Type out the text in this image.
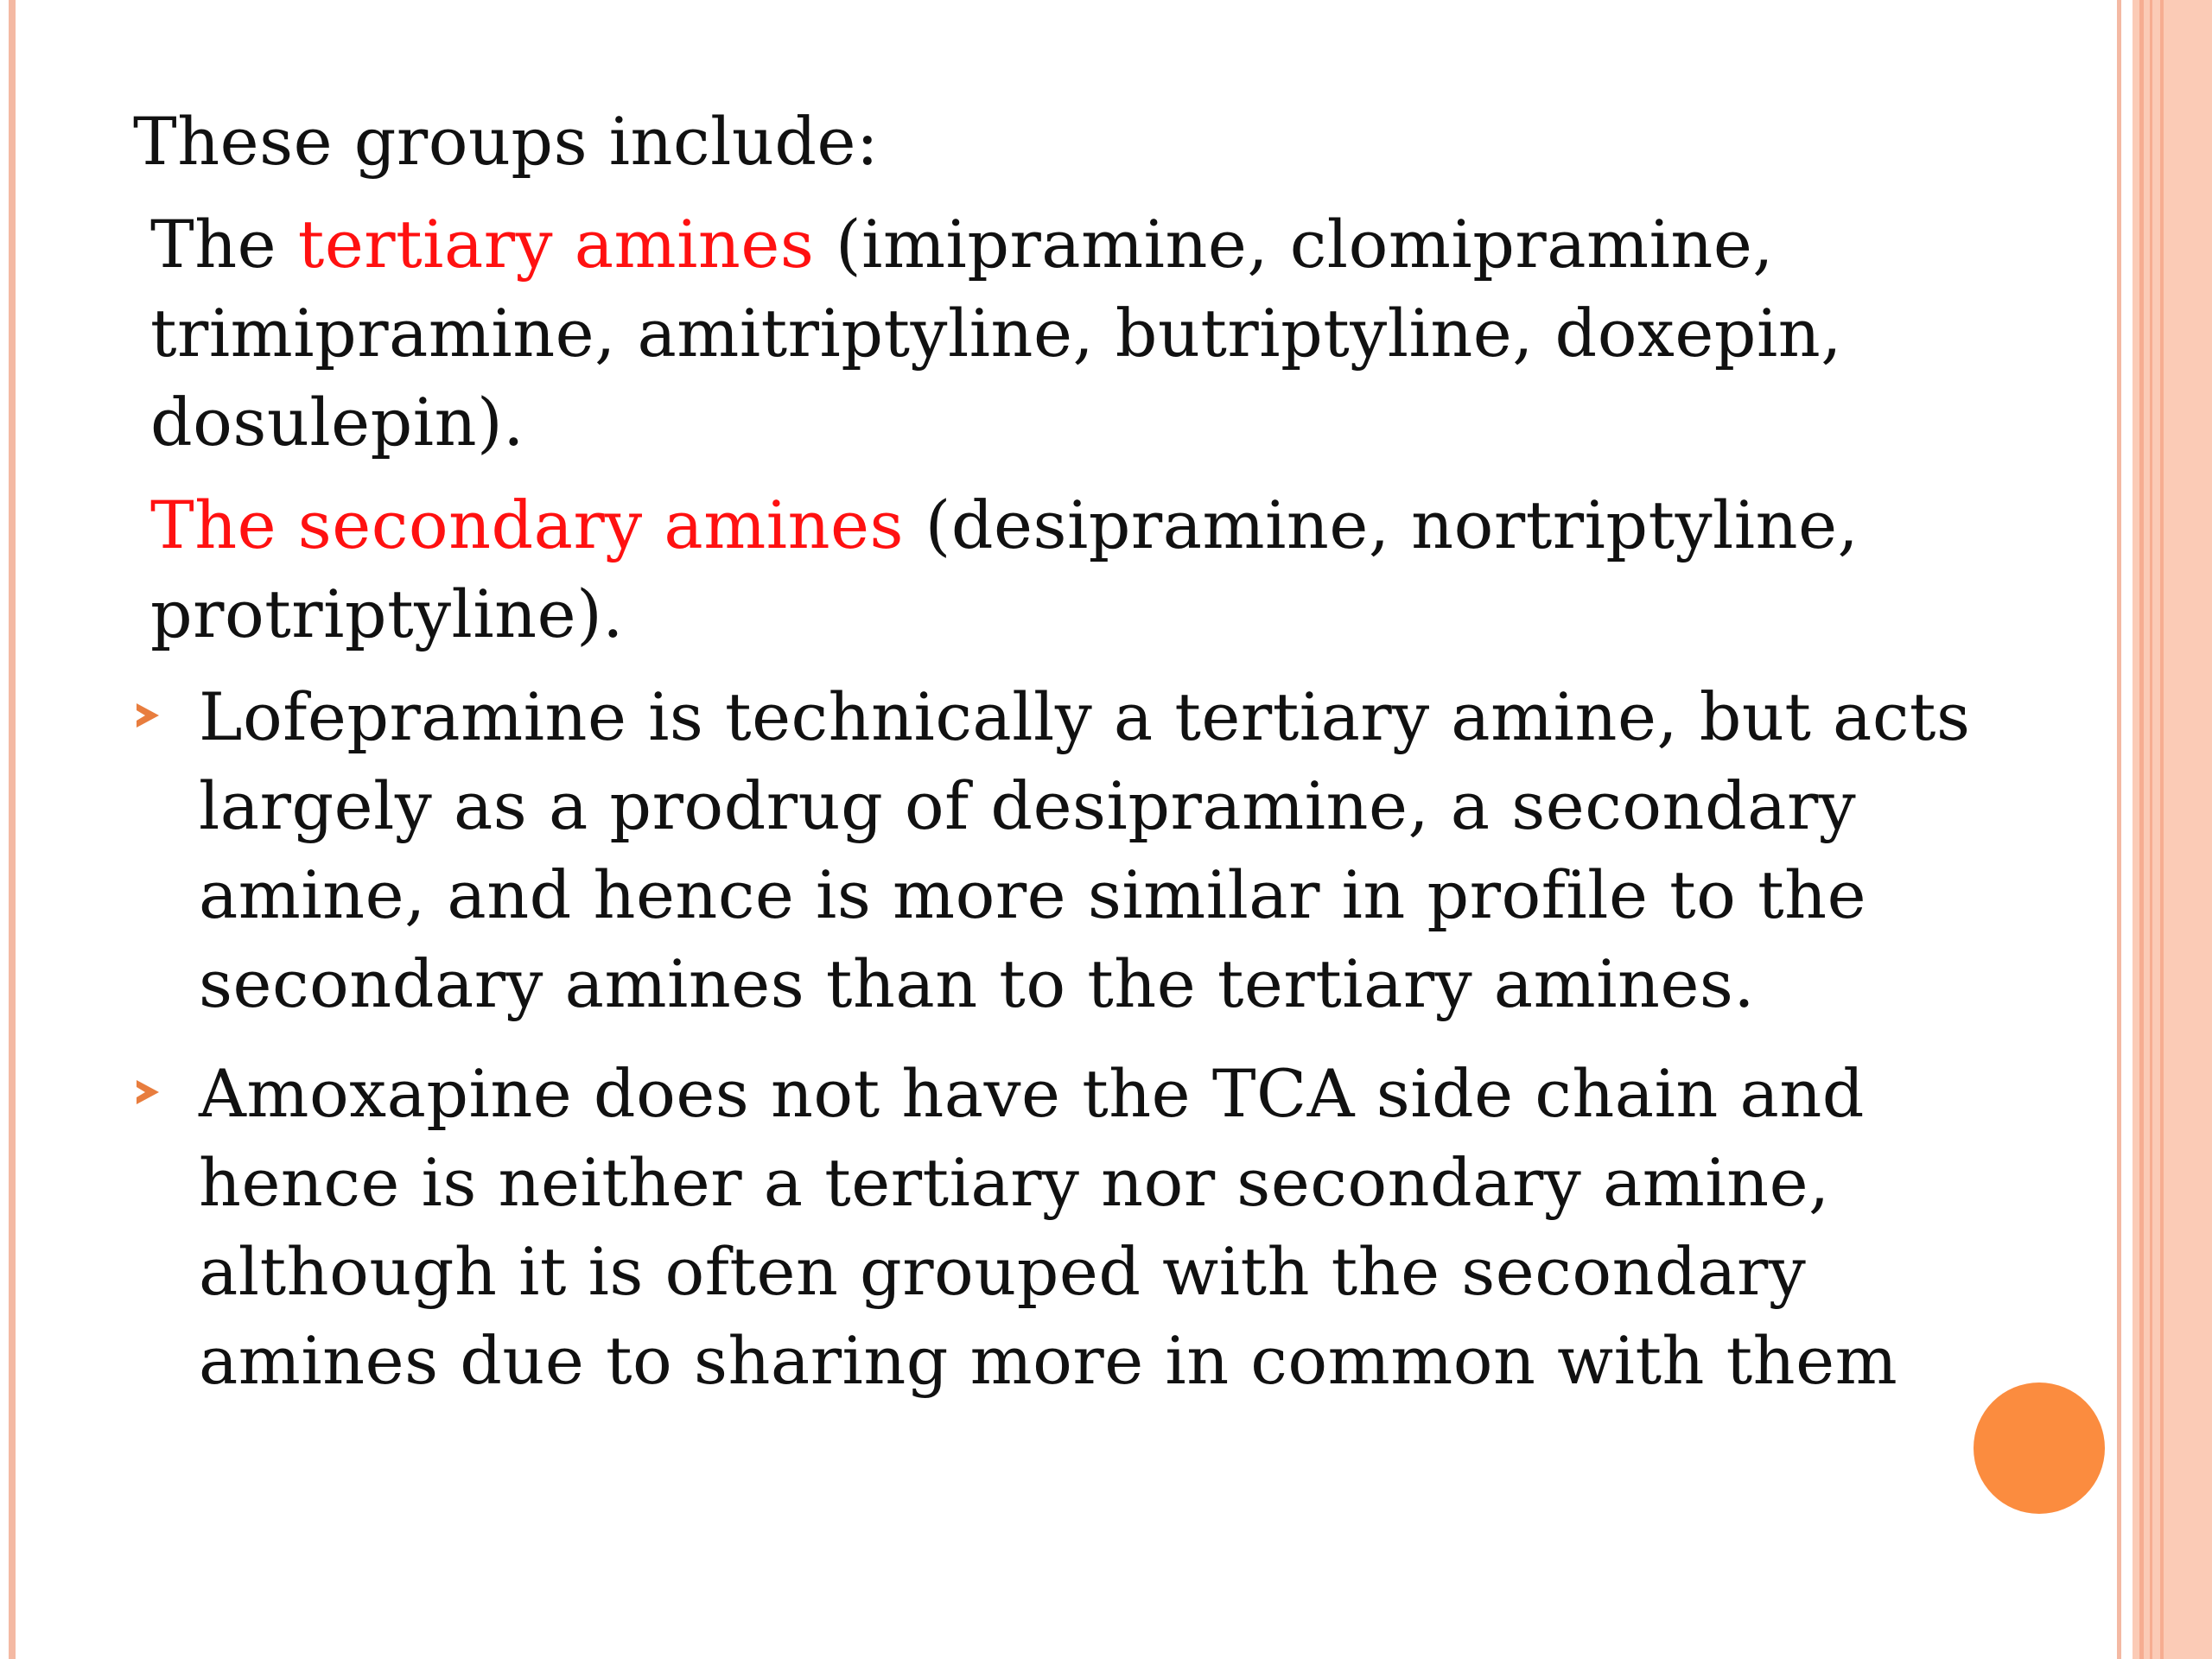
These groups include:

The tertiary amines (imipramine, clomipramine, trimipramine, amitriptyline, butriptyline, doxepin, dosulepin).

The secondary amines (desipramine, nortriptyline, protriptyline).

Lofepramine is technically a tertiary amine, but acts largely as a prodrug of desipramine, a secondary amine, and hence is more similar in profile to the secondary amines than to the tertiary amines.
Amoxapine does not have the TCA side chain and hence is neither a tertiary nor secondary amine, although it is often grouped with the secondary amines due to sharing more in common with them
